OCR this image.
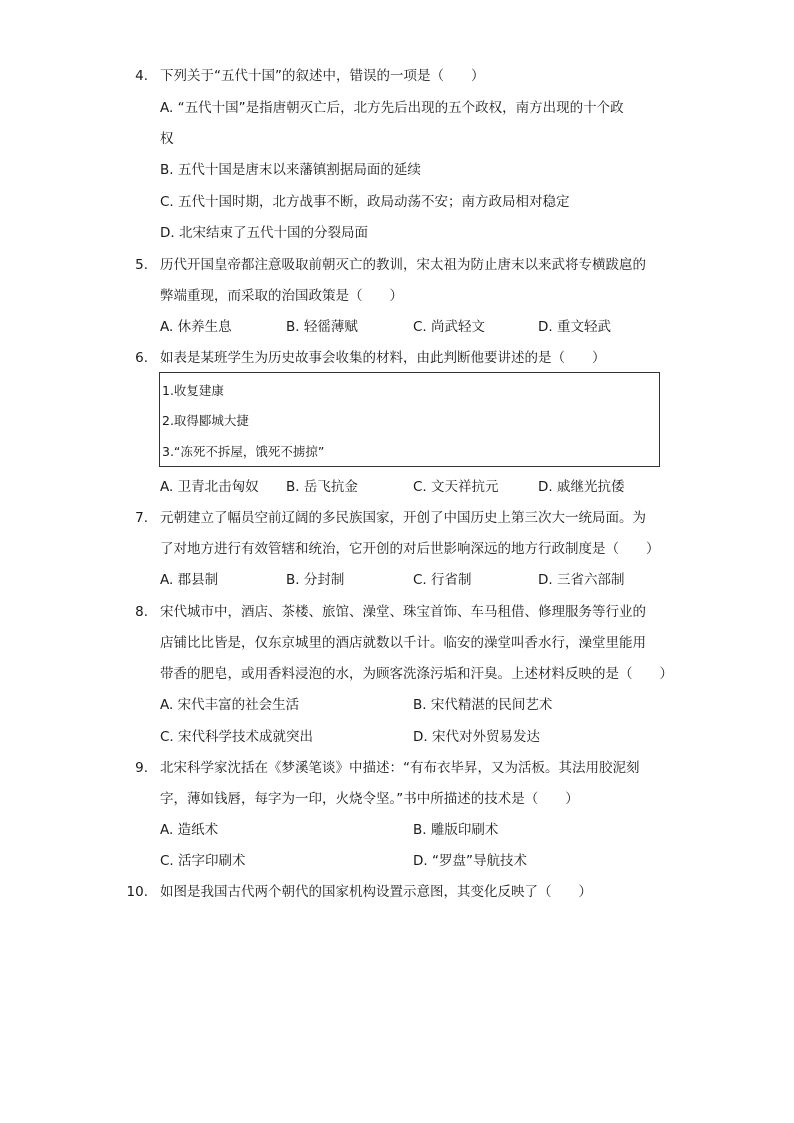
4. 下列关于“五代十国”的叙述中，错误的一项是（　　）
A. “五代十国”是指唐朝灭亡后，北方先后出现的五个政权，南方出现的十个政
权
B. 五代十国是唐末以来藩镇割据局面的延续
C. 五代十国时期，北方战事不断，政局动荡不安；南方政局相对稳定
D. 北宋结束了五代十国的分裂局面
5. 历代开国皇帝都注意吸取前朝灭亡的教训，宋太祖为防止唐末以来武将专横跋扈的
弊端重现，而采取的治国政策是（　　）
A. 休养生息	B. 轻徭薄赋	C. 尚武轻文	D. 重文轻武
6. 如表是某班学生为历史故事会收集的材料，由此判断他要讲述的是（　　）
1.收复建康
2.取得郾城大捷
3.“冻死不拆屋，饿死不掳掠”
A. 卫青北击匈奴 B. 岳飞抗金	C. 文天祥抗元	D. 戚继光抗倭
7. 元朝建立了幅员空前辽阔的多民族国家，开创了中国历史上第三次大一统局面。为
了对地方进行有效管辖和统治，它开创的对后世影响深远的地方行政制度是（　　）
A. 郡县制	B. 分封制	C. 行省制	D. 三省六部制
8. 宋代城市中，酒店、茶楼、旅馆、澡堂、珠宝首饰、车马租借、修理服务等行业的
店铺比比皆是，仅东京城里的酒店就数以千计。临安的澡堂叫香水行，澡堂里能用
带香的肥皂，或用香料浸泡的水，为顾客洗涤污垢和汗臭。上述材料反映的是（　　）
A. 宋代丰富的社会生活	B. 宋代精湛的民间艺术
C. 宋代科学技术成就突出	D. 宋代对外贸易发达
9. 北宋科学家沈括在《梦溪笔谈》中描述：“有布衣毕昇，又为活板。其法用胶泥刻
字，薄如钱唇，每字为一印，火烧令坚。”书中所描述的技术是（　　）
A. 造纸术	B. 雕版印刷术
C. 活字印刷术	D. “罗盘”导航技术
10. 如图是我国古代两个朝代的国家机构设置示意图，其变化反映了（　　）
